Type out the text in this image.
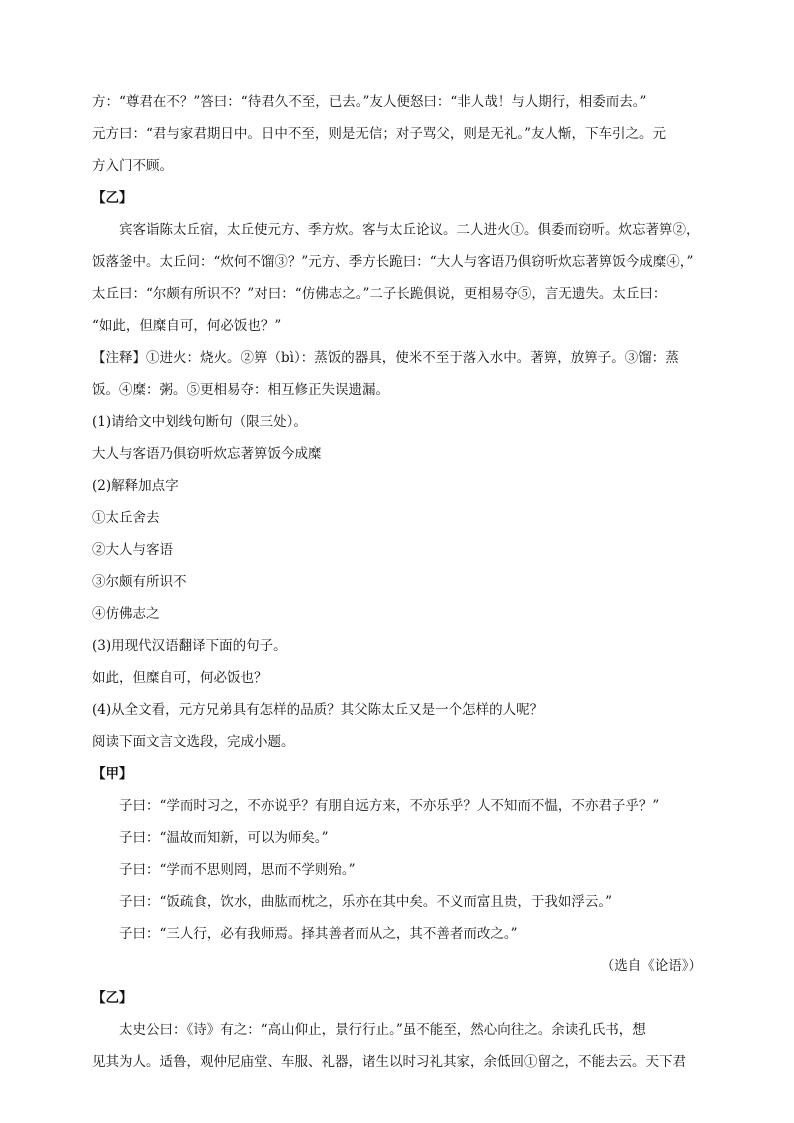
方：“尊君在不？”答曰：“待君久不至，已去。”友人便怒曰：“非人哉！与人期行，相委而去。”
元方曰：“君与家君期日中。日中不至，则是无信；对子骂父，则是无礼。”友人惭，下车引之。元
方入门不顾。
【乙】
宾客诣陈太丘宿，太丘使元方、季方炊。客与太丘论议。二人进火①。俱委而窃听。炊忘著箅②，
饭落釜中。太丘问：“炊何不馏③？”元方、季方长跪曰：“大人与客语乃俱窃听炊忘著箅饭今成糜④，”
太丘曰：“尔颇有所识不？”对曰：“仿佛志之。”二子长跪俱说，更相易夺⑤，言无遗失。太丘曰：
“如此，但糜自可，何必饭也？”
【注释】①进火：烧火。②箅（bì）：蒸饭的器具，使米不至于落入水中。著箅，放箅子。③馏：蒸
饭。④糜：粥。⑤更相易夺：相互修正失误遗漏。
(1)请给文中划线句断句（限三处）。
大人与客语乃俱窃听炊忘著箅饭今成糜
(2)解释加点字
①太丘舍去
②大人与客语
③尔颇有所识不
④仿佛志之
(3)用现代汉语翻译下面的句子。
如此，但糜自可，何必饭也？
(4)从全文看，元方兄弟具有怎样的品质？其父陈太丘又是一个怎样的人呢？
阅读下面文言文选段，完成小题。
【甲】
子曰：“学而时习之，不亦说乎？有朋自远方来，不亦乐乎？人不知而不愠，不亦君子乎？”
子曰：“温故而知新，可以为师矣。”
子曰：“学而不思则罔，思而不学则殆。”
子曰：“饭疏食，饮水，曲肱而枕之，乐亦在其中矣。不义而富且贵，于我如浮云。”
子曰：“三人行，必有我师焉。择其善者而从之，其不善者而改之。”
（选自《论语》）
【乙】
太史公曰：《诗》有之：“高山仰止，景行行止。”虽不能至，然心向往之。余读孔氏书，想
见其为人。适鲁，观仲尼庙堂、车服、礼器，诸生以时习礼其家，余低回①留之，不能去云。天下君
